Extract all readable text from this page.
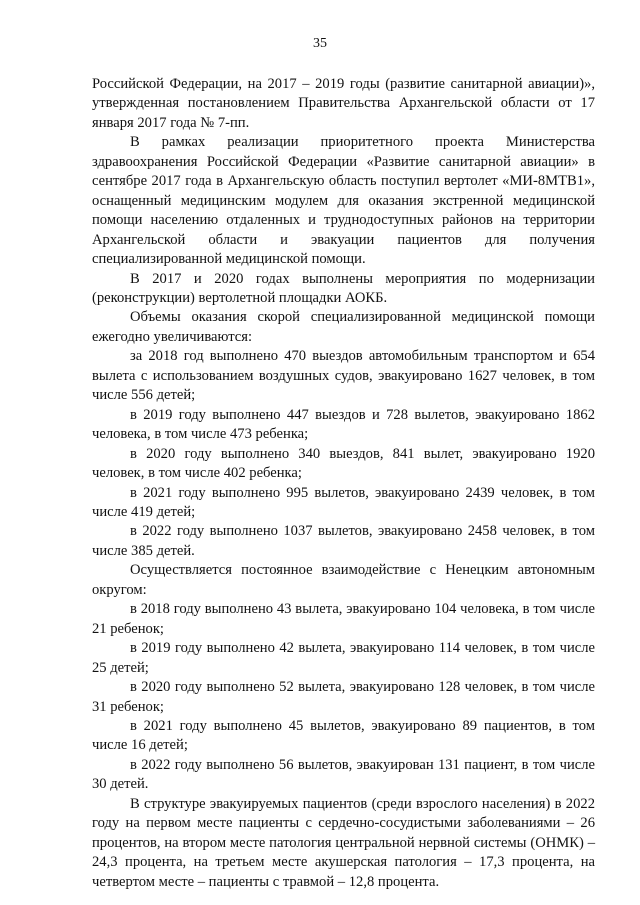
35

Российской Федерации, на 2017 – 2019 годы (развитие санитарной авиации)», утвержденная постановлением Правительства Архангельской области от 17 января 2017 года № 7-пп.

В рамках реализации приоритетного проекта Министерства здравоохранения Российской Федерации «Развитие санитарной авиации» в сентябре 2017 года в Архангельскую область поступил вертолет «МИ-8МТВ1», оснащенный медицинским модулем для оказания экстренной медицинской помощи населению отдаленных и труднодоступных районов на территории Архангельской области и эвакуации пациентов для получения специализированной медицинской помощи.

В 2017 и 2020 годах выполнены мероприятия по модернизации (реконструкции) вертолетной площадки АОКБ.

Объемы оказания скорой специализированной медицинской помощи ежегодно увеличиваются:

за 2018 год выполнено 470 выездов автомобильным транспортом и 654 вылета с использованием воздушных судов, эвакуировано 1627 человек, в том числе 556 детей;

в 2019 году выполнено 447 выездов и 728 вылетов, эвакуировано 1862 человека, в том числе 473 ребенка;

в 2020 году выполнено 340 выездов, 841 вылет, эвакуировано 1920 человек, в том числе 402 ребенка;

в 2021 году выполнено 995 вылетов, эвакуировано 2439 человек, в том числе 419 детей;

в 2022 году выполнено 1037 вылетов, эвакуировано 2458 человек, в том числе 385 детей.

Осуществляется постоянное взаимодействие с Ненецким автономным округом:

в 2018 году выполнено 43 вылета, эвакуировано 104 человека, в том числе 21 ребенок;

в 2019 году выполнено 42 вылета, эвакуировано 114 человек, в том числе 25 детей;

в 2020 году выполнено 52 вылета, эвакуировано 128 человек, в том числе 31 ребенок;

в 2021 году выполнено 45 вылетов, эвакуировано 89 пациентов, в том числе 16 детей;

в 2022 году выполнено 56 вылетов, эвакуирован 131 пациент, в том числе 30 детей.

В структуре эвакуируемых пациентов (среди взрослого населения) в 2022 году на первом месте пациенты с сердечно-сосудистыми заболеваниями – 26 процентов, на втором месте патология центральной нервной системы (ОНМК) – 24,3 процента, на третьем месте акушерская патология – 17,3 процента, на четвертом месте – пациенты с травмой – 12,8 процента.
